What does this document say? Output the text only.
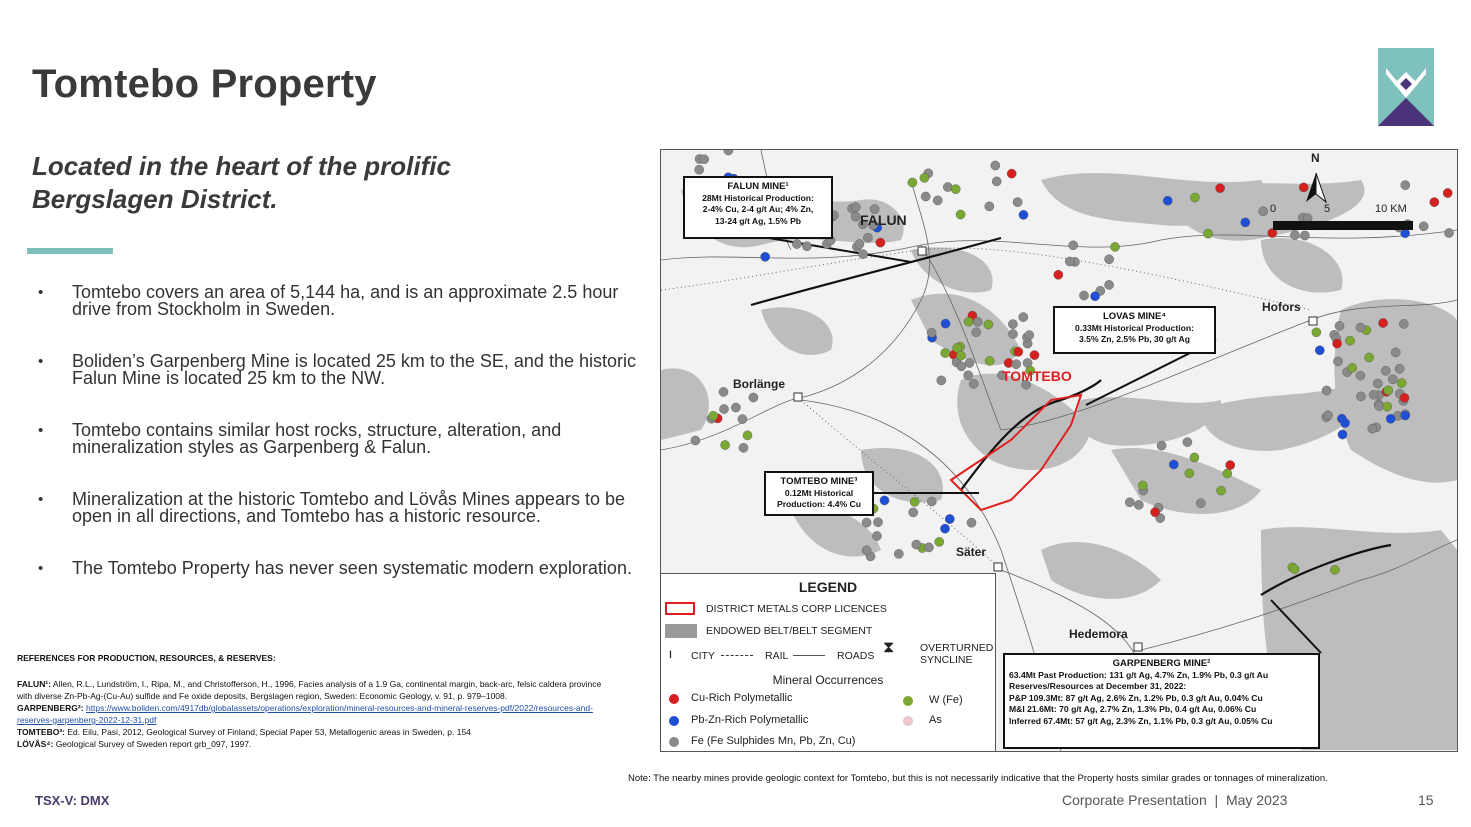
Tomtebo Property
Located in the heart of the prolific Bergslagen District.
• Tomtebo covers an area of 5,144 ha, and is an approximate 2.5 hour drive from Stockholm in Sweden.
• Boliden’s Garpenberg Mine is located 25 km to the SE, and the historic Falun Mine is located 25 km to the NW.
• Tomtebo contains similar host rocks, structure, alteration, and mineralization styles as Garpenberg & Falun.
• Mineralization at the historic Tomtebo and Lövås Mines appears to be open in all directions, and Tomtebo has a historic resource.
• The Tomtebo Property has never seen systematic modern exploration.
REFERENCES FOR PRODUCTION, RESOURCES, & RESERVES:

FALUN¹: Allen, R.L., Lundström, I., Ripa, M., and Christofferson, H., 1996, Facies analysis of a 1.9 Ga, continental margin, back-arc, felsic caldera province with diverse Zn-Pb-Ag-(Cu-Au) sulfide and Fe oxide deposits, Bergslagen region, Sweden: Economic Geology, v. 91, p. 979–1008.

GARPENBERG²: https://www.boliden.com/4917db/globalassets/operations/exploration/mineral-resources-and-mineral-reserves-pdf/2022/resources-and-reserves-garpenberg-2022-12-31.pdf

TOMTEBO³: Ed. Eilu, Pasi, 2012, Geological Survey of Finland, Special Paper 53, Metallogenic areas in Sweden, p. 154

LÖVÅS⁴: Geological Survey of Sweden report grb_097, 1997.

Note: The nearby mines provide geologic context for Tomtebo, but this is not necessarily indicative that the Property hosts similar grades or tonnages of mineralization.
TSX-V: DMX	Corporate Presentation  |  May 2023	15
N
0	5	10 KM
FALUN
Hofors
Borlänge	TOMTEBO
Säter
Hedemora
FALUN MINE¹
28Mt Historical Production:
2-4% Cu, 2-4 g/t Au; 4% Zn,
13-24 g/t Ag, 1.5% Pb
LOVAS MINE⁴
0.33Mt Historical Production:
3.5% Zn, 2.5% Pb, 30 g/t Ag
TOMTEBO MINE³
0.12Mt Historical
Production: 4.4% Cu
GARPENBERG MINE²
63.4Mt Past Production: 131 g/t Ag, 4.7% Zn, 1.9% Pb, 0.3 g/t Au
Reserves/Resources at December 31, 2022:
P&P 109.3Mt: 87 g/t Ag, 2.6% Zn, 1.2% Pb, 0.3 g/t Au, 0.04% Cu
M&I 21.6Mt: 70 g/t Ag, 2.7% Zn, 1.3% Pb, 0.4 g/t Au, 0.06% Cu
Inferred 67.4Mt: 57 g/t Ag, 2.3% Zn, 1.1% Pb, 0.3 g/t Au, 0.05% Cu
LEGEND
DISTRICT METALS CORP LICENCES
ENDOWED BELT/BELT SEGMENT
ǀ CITY	RAIL	ROADS ⧗ OVERTURNED
SYNCLINE
Mineral Occurrences
Cu-Rich Polymetallic
Pb-Zn-Rich Polymetallic
Fe (Fe Sulphides Mn, Pb, Zn, Cu)
W (Fe)
As
